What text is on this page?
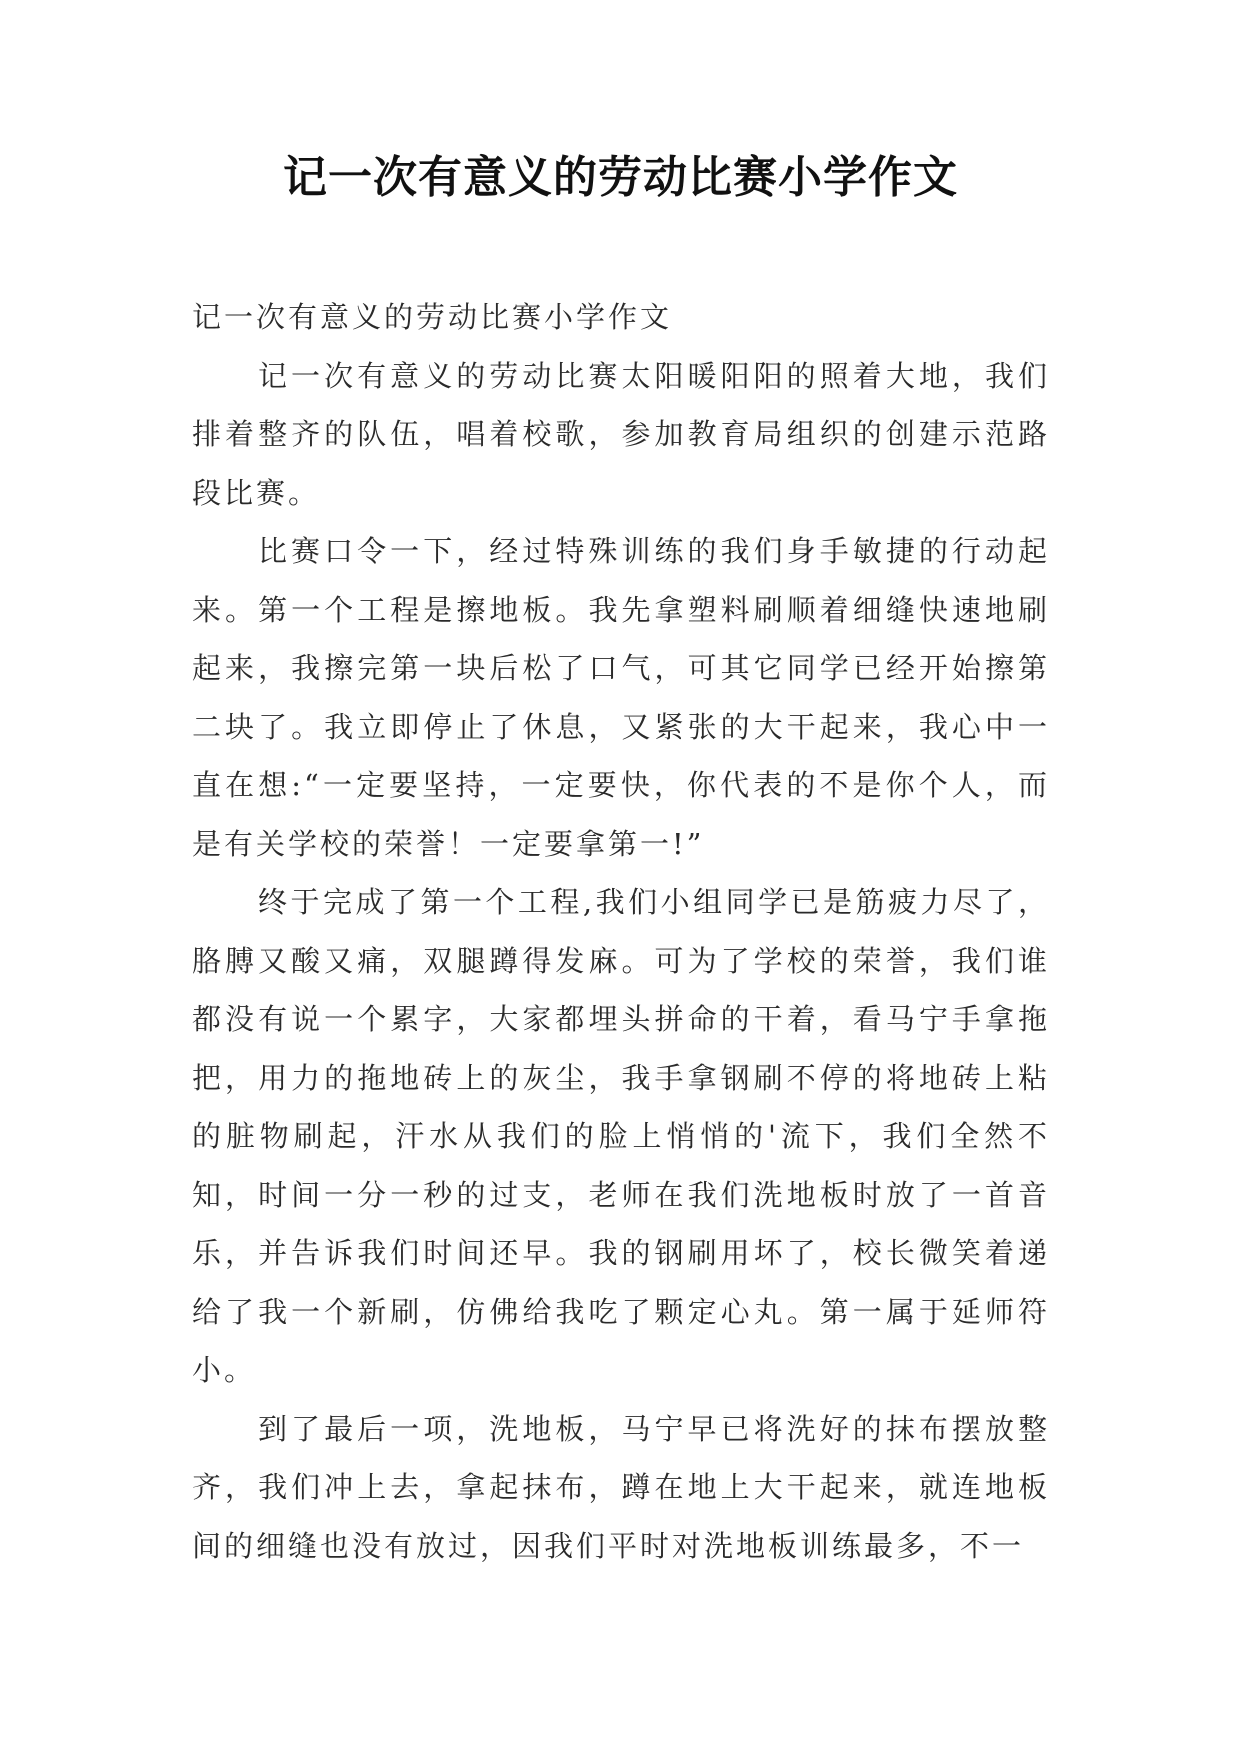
记一次有意义的劳动比赛小学作文

记一次有意义的劳动比赛小学作文

记一次有意义的劳动比赛太阳暖阳阳的照着大地，我们排着整齐的队伍，唱着校歌，参加教育局组织的创建示范路段比赛。

比赛口令一下，经过特殊训练的我们身手敏捷的行动起来。第一个工程是擦地板。我先拿塑料刷顺着细缝快速地刷起来，我擦完第一块后松了口气，可其它同学已经开始擦第二块了。我立即停止了休息，又紧张的大干起来，我心中一直在想:“一定要坚持，一定要快，你代表的不是你个人，而是有关学校的荣誉！一定要拿第一!”

终于完成了第一个工程,我们小组同学已是筋疲力尽了，胳膊又酸又痛，双腿蹲得发麻。可为了学校的荣誉，我们谁都没有说一个累字，大家都埋头拼命的干着，看马宁手拿拖把，用力的拖地砖上的灰尘，我手拿钢刷不停的将地砖上粘的脏物刷起，汗水从我们的脸上悄悄的'流下，我们全然不知，时间一分一秒的过支，老师在我们洗地板时放了一首音乐，并告诉我们时间还早。我的钢刷用坏了，校长微笑着递给了我一个新刷，仿佛给我吃了颗定心丸。第一属于延师符小。

到了最后一项，洗地板，马宁早已将洗好的抹布摆放整齐，我们冲上去，拿起抹布，蹲在地上大干起来，就连地板间的细缝也没有放过，因我们平时对洗地板训练最多，不一
